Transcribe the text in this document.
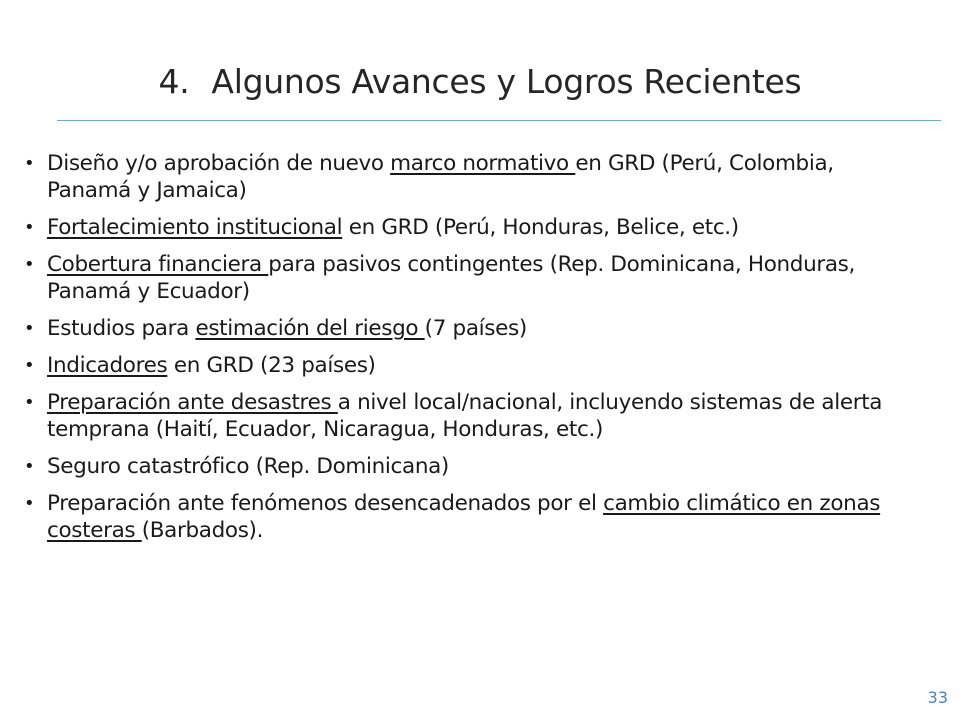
4. Algunos Avances y Logros Recientes
• Diseño y/o aprobación de nuevo marco normativo en GRD (Perú, Colombia, Panamá y Jamaica)
• Fortalecimiento institucional en GRD (Perú, Honduras, Belice, etc.)
• Cobertura financiera para pasivos contingentes (Rep. Dominicana, Honduras, Panamá y Ecuador)
• Estudios para estimación del riesgo (7 países)
• Indicadores en GRD (23 países)
• Preparación ante desastres a nivel local/nacional, incluyendo sistemas de alerta temprana (Haití, Ecuador, Nicaragua, Honduras, etc.)
• Seguro catastrófico (Rep. Dominicana)
• Preparación ante fenómenos desencadenados por el cambio climático en zonas costeras (Barbados).
33
